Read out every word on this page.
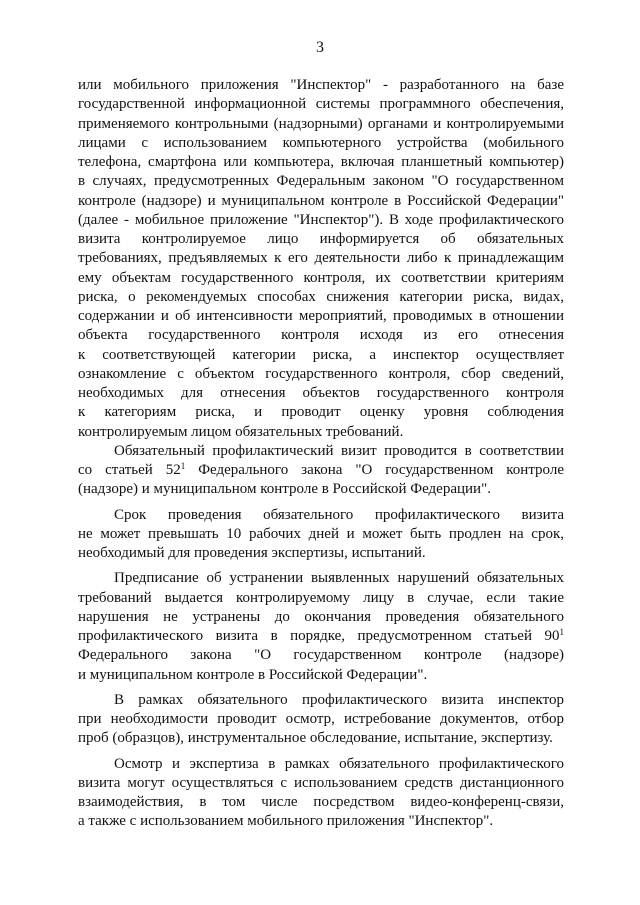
3
или мобильного приложения "Инспектор" - разработанного на базе
государственной информационной системы программного обеспечения,
применяемого контрольными (надзорными) органами и контролируемыми
лицами с использованием компьютерного устройства (мобильного
телефона, смартфона или компьютера, включая планшетный компьютер)
в случаях, предусмотренных Федеральным законом "О государственном
контроле (надзоре) и муниципальном контроле в Российской Федерации"
(далее - мобильное приложение "Инспектор"). В ходе профилактического
визита контролируемое лицо информируется об обязательных
требованиях, предъявляемых к его деятельности либо к принадлежащим
ему объектам государственного контроля, их соответствии критериям
риска, о рекомендуемых способах снижения категории риска, видах,
содержании и об интенсивности мероприятий, проводимых в отношении
объекта государственного контроля исходя из его отнесения
к соответствующей категории риска, а инспектор осуществляет
ознакомление с объектом государственного контроля, сбор сведений,
необходимых для отнесения объектов государственного контроля
к категориям риска, и проводит оценку уровня соблюдения
контролируемым лицом обязательных требований.
Обязательный профилактический визит проводится в соответствии
со статьей $52^1$ Федерального закона "О государственном контроле
(надзоре) и муниципальном контроле в Российской Федерации".
Срок проведения обязательного профилактического визита
не может превышать 10 рабочих дней и может быть продлен на срок,
необходимый для проведения экспертизы, испытаний.
Предписание об устранении выявленных нарушений обязательных
требований выдается контролируемому лицу в случае, если такие
нарушения не устранены до окончания проведения обязательного
профилактического визита в порядке, предусмотренном статьей $90^1$
Федерального закона "О государственном контроле (надзоре)
и муниципальном контроле в Российской Федерации".
В рамках обязательного профилактического визита инспектор
при необходимости проводит осмотр, истребование документов, отбор
проб (образцов), инструментальное обследование, испытание, экспертизу.
Осмотр и экспертиза в рамках обязательного профилактического
визита могут осуществляться с использованием средств дистанционного
взаимодействия, в том числе посредством видео-конференц-связи,
а также с использованием мобильного приложения "Инспектор".
